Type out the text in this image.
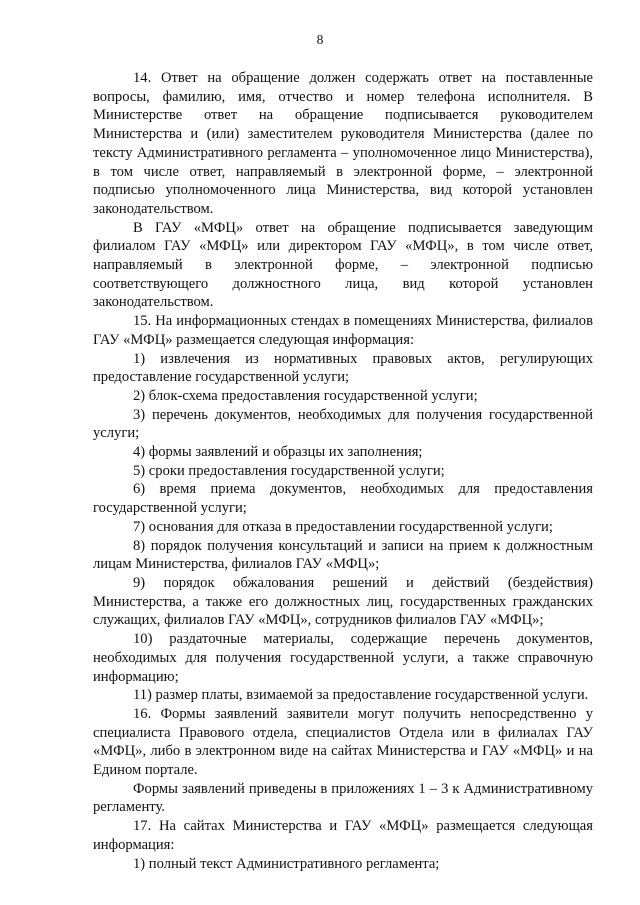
8

14. Ответ на обращение должен содержать ответ на поставленные вопросы, фамилию, имя, отчество и номер телефона исполнителя. В Министерстве ответ на обращение подписывается руководителем Министерства и (или) заместителем руководителя Министерства (далее по тексту Административного регламента – уполномоченное лицо Министерства), в том числе ответ, направляемый в электронной форме, – электронной подписью уполномоченного лица Министерства, вид которой установлен законодательством.

В ГАУ «МФЦ» ответ на обращение подписывается заведующим филиалом ГАУ «МФЦ» или директором ГАУ «МФЦ», в том числе ответ, направляемый в электронной форме, – электронной подписью соответствующего должностного лица, вид которой установлен законодательством.

15. На информационных стендах в помещениях Министерства, филиалов ГАУ «МФЦ» размещается следующая информация:

1) извлечения из нормативных правовых актов, регулирующих предоставление государственной услуги;

2) блок-схема предоставления государственной услуги;

3) перечень документов, необходимых для получения государственной услуги;

4) формы заявлений и образцы их заполнения;

5) сроки предоставления государственной услуги;

6) время приема документов, необходимых для предоставления государственной услуги;

7) основания для отказа в предоставлении государственной услуги;

8) порядок получения консультаций и записи на прием к должностным лицам Министерства, филиалов ГАУ «МФЦ»;

9) порядок обжалования решений и действий (бездействия) Министерства, а также его должностных лиц, государственных гражданских служащих, филиалов ГАУ «МФЦ», сотрудников филиалов ГАУ «МФЦ»;

10) раздаточные материалы, содержащие перечень документов, необходимых для получения государственной услуги, а также справочную информацию;

11) размер платы, взимаемой за предоставление государственной услуги.

16. Формы заявлений заявители могут получить непосредственно у специалиста Правового отдела, специалистов Отдела или в филиалах ГАУ «МФЦ», либо в электронном виде на сайтах Министерства и ГАУ «МФЦ» и на Едином портале.

Формы заявлений приведены в приложениях 1 – 3 к Административному регламенту.

17. На сайтах Министерства и ГАУ «МФЦ» размещается следующая информация:

1) полный текст Административного регламента;
